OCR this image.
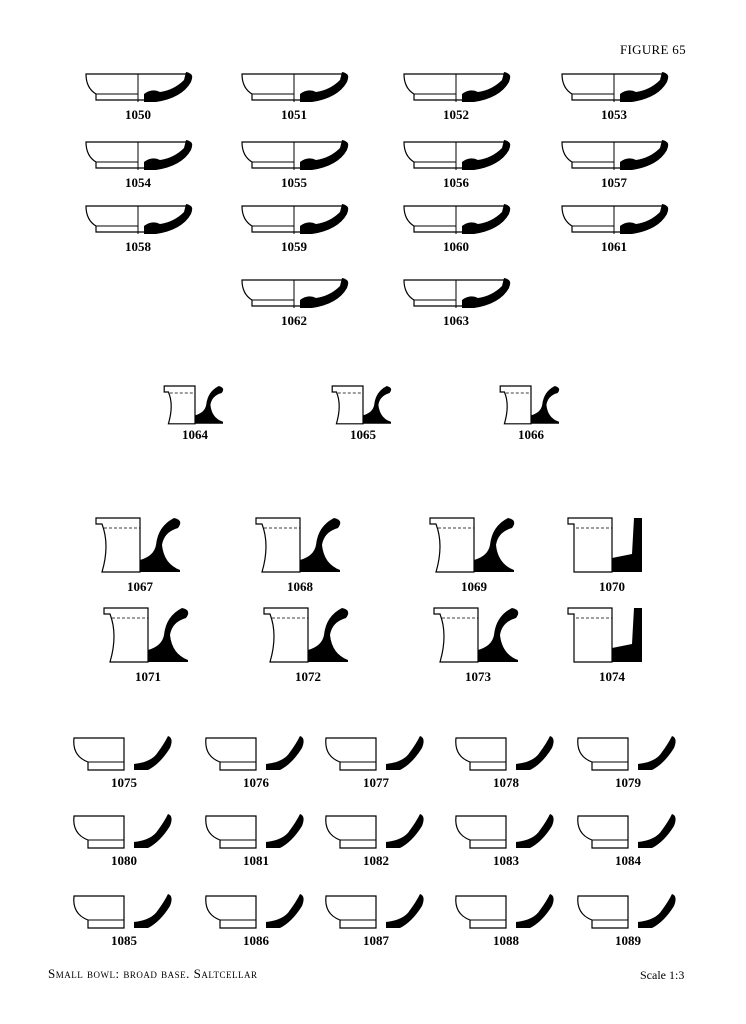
FIGURE 65
1050	1051	1052	1053
1054	1055	1056	1057
1058	1059	1060	1061
1062	1063
1064	1065	1066
1067	1068	1069	1070
1071	1072	1073	1074
1075	1076	1077	1078	1079
1080	1081	1082	1083	1084
1085	1086	1087	1088	1089
Small bowl: broad base. Saltcellar	Scale 1:3
